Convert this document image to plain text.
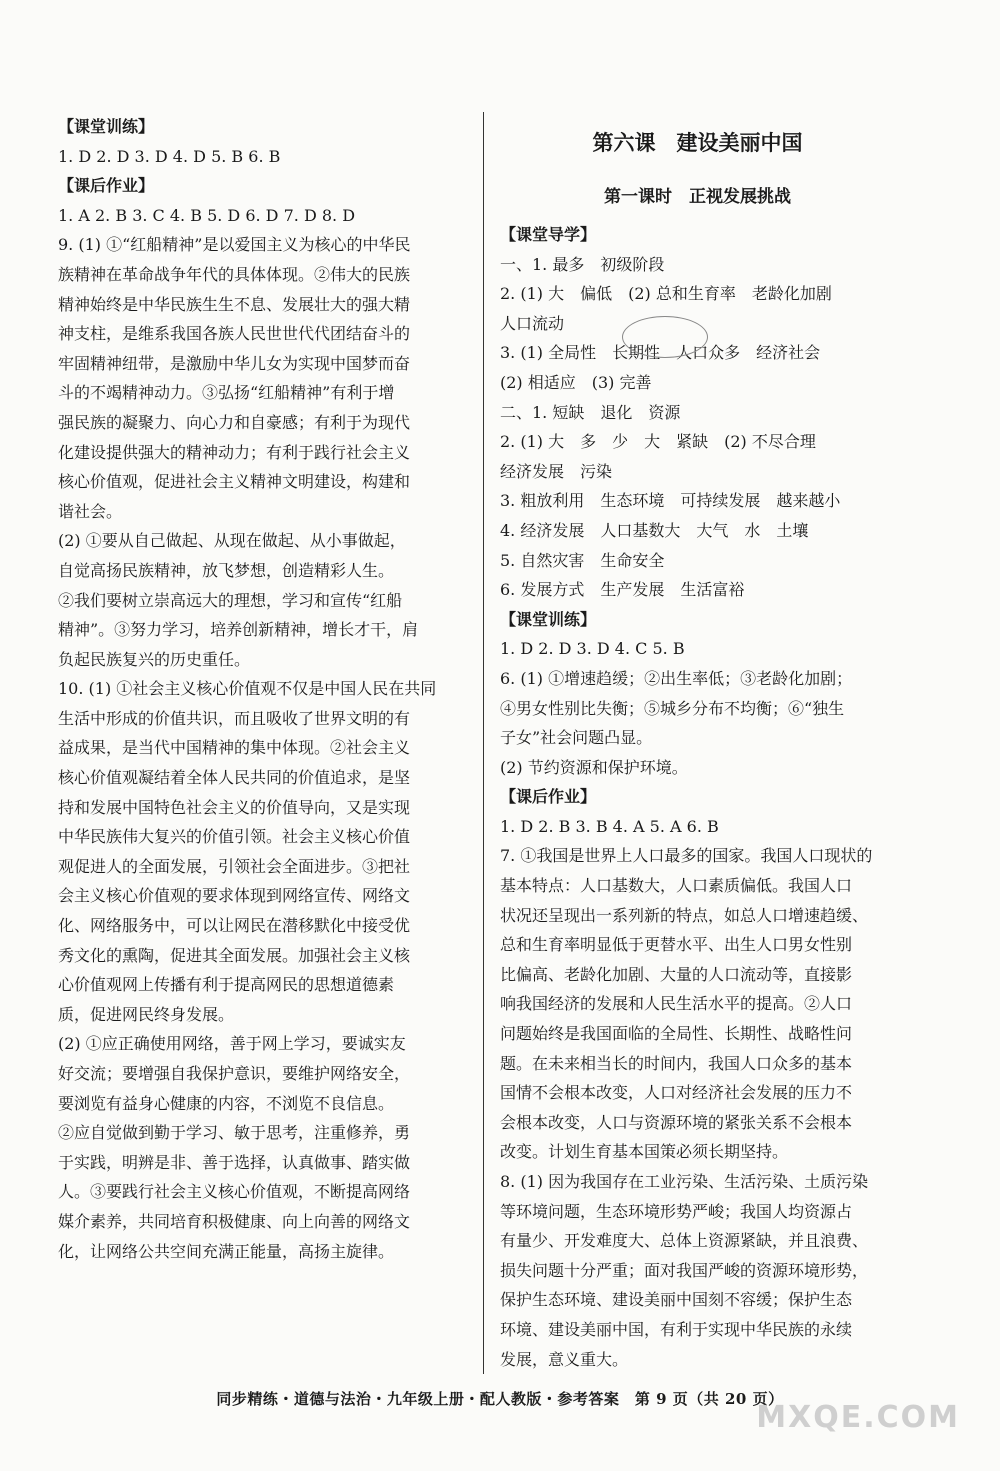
【课堂训练】
1. D 2. D 3. D 4. D 5. B 6. B
【课后作业】
1. A 2. B 3. C 4. B 5. D 6. D 7. D 8. D
9. (1) ①“红船精神”是以爱国主义为核心的中华民
族精神在革命战争年代的具体体现。②伟大的民族
精神始终是中华民族生生不息、发展壮大的强大精
神支柱，是维系我国各族人民世世代代团结奋斗的
牢固精神纽带，是激励中华儿女为实现中国梦而奋
斗的不竭精神动力。③弘扬“红船精神”有利于增
强民族的凝聚力、向心力和自豪感；有利于为现代
化建设提供强大的精神动力；有利于践行社会主义
核心价值观，促进社会主义精神文明建设，构建和
谐社会。
(2) ①要从自己做起、从现在做起、从小事做起，
自觉高扬民族精神，放飞梦想，创造精彩人生。
②我们要树立崇高远大的理想，学习和宣传“红船
精神”。③努力学习，培养创新精神，增长才干，肩
负起民族复兴的历史重任。
10. (1) ①社会主义核心价值观不仅是中国人民在共同
生活中形成的价值共识，而且吸收了世界文明的有
益成果，是当代中国精神的集中体现。②社会主义
核心价值观凝结着全体人民共同的价值追求，是坚
持和发展中国特色社会主义的价值导向，又是实现
中华民族伟大复兴的价值引领。社会主义核心价值
观促进人的全面发展，引领社会全面进步。③把社
会主义核心价值观的要求体现到网络宣传、网络文
化、网络服务中，可以让网民在潜移默化中接受优
秀文化的熏陶，促进其全面发展。加强社会主义核
心价值观网上传播有利于提高网民的思想道德素
质，促进网民终身发展。
(2) ①应正确使用网络，善于网上学习，要诚实友
好交流；要增强自我保护意识，要维护网络安全，
要浏览有益身心健康的内容，不浏览不良信息。
②应自觉做到勤于学习、敏于思考，注重修养，勇
于实践，明辨是非、善于选择，认真做事、踏实做
人。③要践行社会主义核心价值观，不断提高网络
媒介素养，共同培育积极健康、向上向善的网络文
化，让网络公共空间充满正能量，高扬主旋律。
第六课　建设美丽中国
第一课时　正视发展挑战
【课堂导学】
一、1. 最多　初级阶段
2. (1) 大　偏低　(2) 总和生育率　老龄化加剧
人口流动
3. (1) 全局性　长期性　人口众多　经济社会
(2) 相适应　(3) 完善
二、1. 短缺　退化　资源
2. (1) 大　多　少　大　紧缺　(2) 不尽合理
经济发展　污染
3. 粗放利用　生态环境　可持续发展　越来越小
4. 经济发展　人口基数大　大气　水　土壤
5. 自然灾害　生命安全
6. 发展方式　生产发展　生活富裕
【课堂训练】
1. D 2. D 3. D 4. C 5. B
6. (1) ①增速趋缓；②出生率低；③老龄化加剧；
④男女性别比失衡；⑤城乡分布不均衡；⑥“独生
子女”社会问题凸显。
(2) 节约资源和保护环境。
【课后作业】
1. D 2. B 3. B 4. A 5. A 6. B
7. ①我国是世界上人口最多的国家。我国人口现状的
基本特点：人口基数大，人口素质偏低。我国人口
状况还呈现出一系列新的特点，如总人口增速趋缓、
总和生育率明显低于更替水平、出生人口男女性别
比偏高、老龄化加剧、大量的人口流动等，直接影
响我国经济的发展和人民生活水平的提高。②人口
问题始终是我国面临的全局性、长期性、战略性问
题。在未来相当长的时间内，我国人口众多的基本
国情不会根本改变，人口对经济社会发展的压力不
会根本改变，人口与资源环境的紧张关系不会根本
改变。计划生育基本国策必须长期坚持。
8. (1) 因为我国存在工业污染、生活污染、土质污染
等环境问题，生态环境形势严峻；我国人均资源占
有量少、开发难度大、总体上资源紧缺，并且浪费、
损失问题十分严重；面对我国严峻的资源环境形势，
保护生态环境、建设美丽中国刻不容缓；保护生态
环境、建设美丽中国，有利于实现中华民族的永续
发展，意义重大。
同步精练・道德与法治・九年级上册・配人教版・参考答案　第 9 页（共 20 页）
MXQE.COM
